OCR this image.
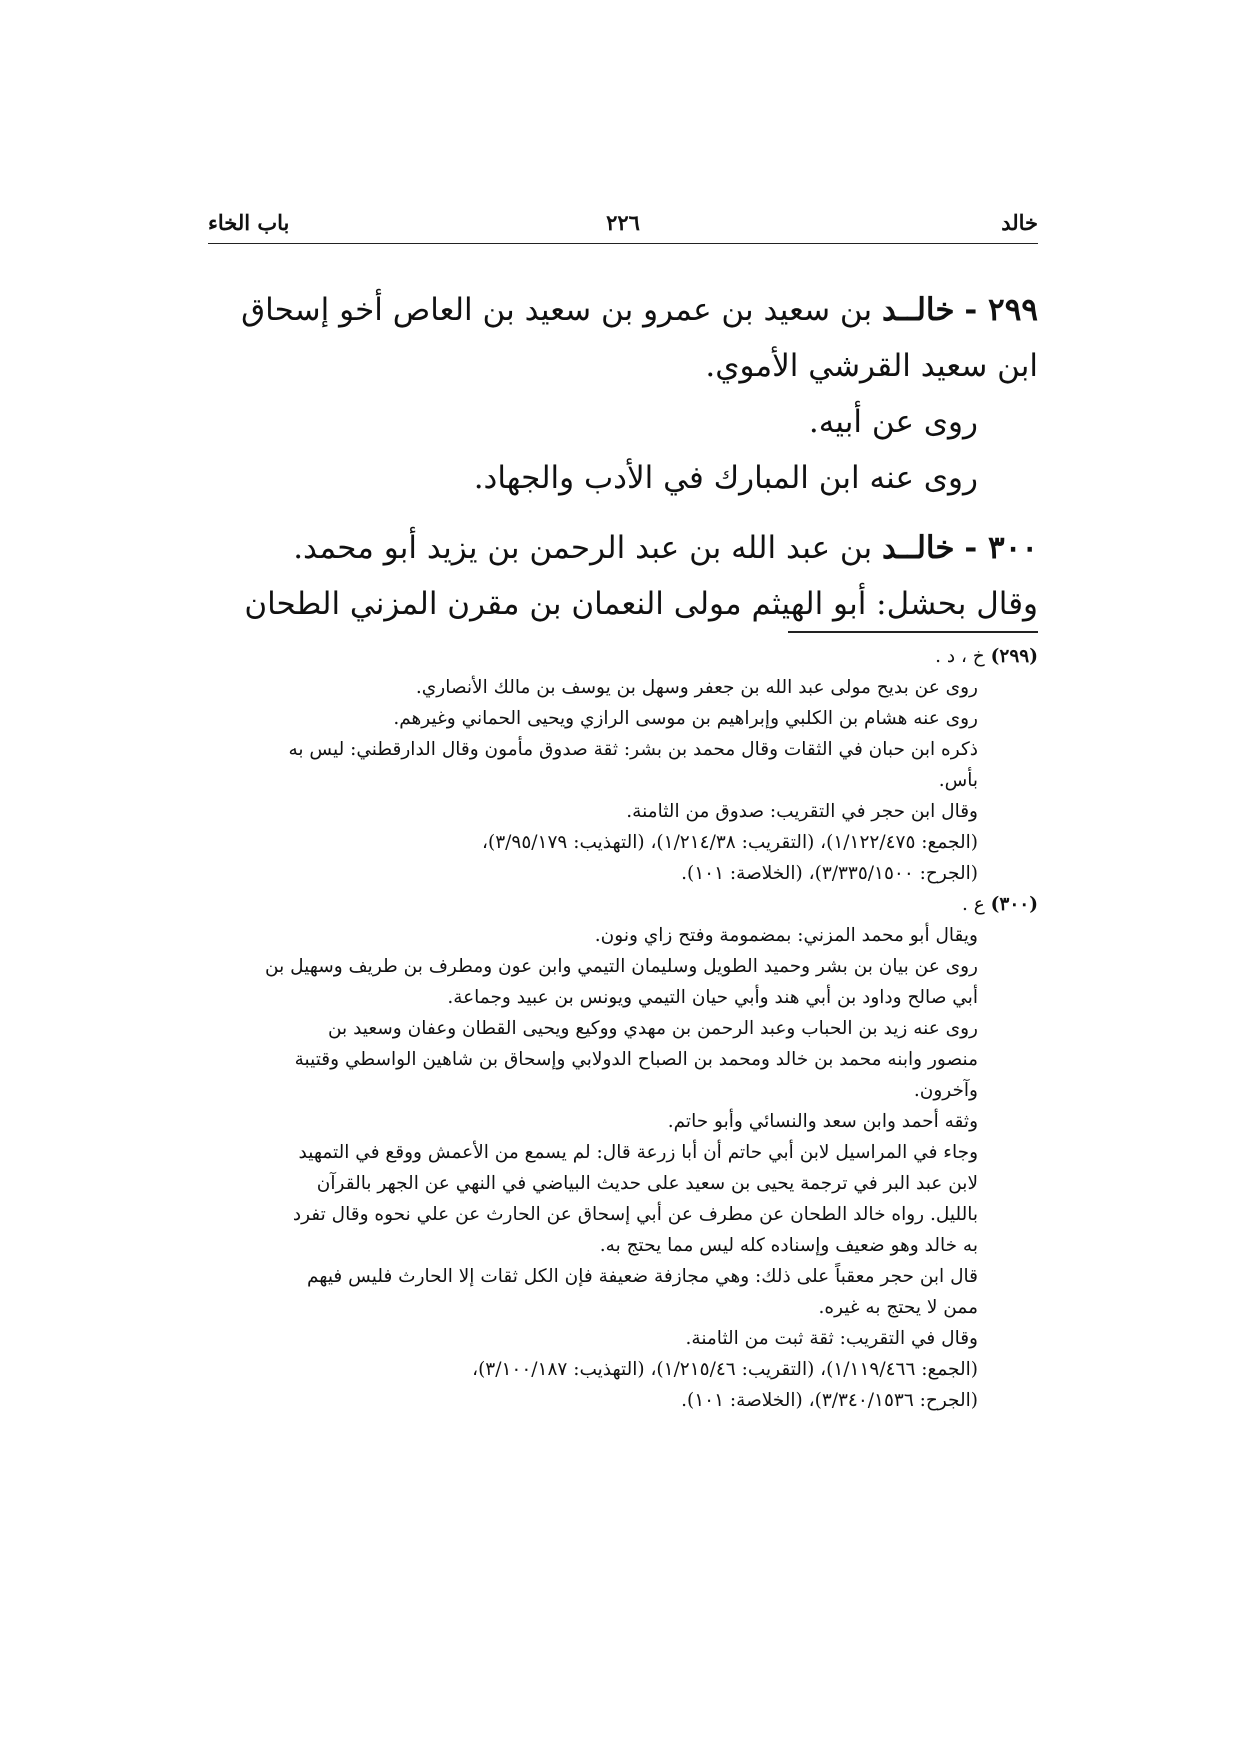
خالد
٢٢٦
باب الخاء
٢٩٩ - خالــد بن سعيد بن عمرو بن سعيد بن العاص أخو إسحاق
ابن سعيد القرشي الأموي.
روى عن أبيه.
روى عنه ابن المبارك في الأدب والجهاد.
٣٠٠ - خالــد بن عبد الله بن عبد الرحمن بن يزيد أبو محمد.
وقال بحشل: أبو الهيثم مولى النعمان بن مقرن المزني الطحان
(٢٩٩) خ ، د .
روى عن بديح مولى عبد الله بن جعفر وسهل بن يوسف بن مالك الأنصاري.
روى عنه هشام بن الكلبي وإبراهيم بن موسى الرازي ويحيى الحماني وغيرهم.
ذكره ابن حبان في الثقات وقال محمد بن بشر: ثقة صدوق مأمون وقال الدارقطني: ليس به
بأس.
وقال ابن حجر في التقريب: صدوق من الثامنة.
(الجمع: ١/١٢٢/٤٧٥)، (التقريب: ١/٢١٤/٣٨)، (التهذيب: ٣/٩٥/١٧٩)،
(الجرح: ٣/٣٣٥/١٥٠٠)، (الخلاصة: ١٠١).
(٣٠٠) ع .
ويقال أبو محمد المزني: بمضمومة وفتح زاي ونون.
روى عن بيان بن بشر وحميد الطويل وسليمان التيمي وابن عون ومطرف بن طريف وسهيل بن
أبي صالح وداود بن أبي هند وأبي حيان التيمي ويونس بن عبيد وجماعة.
روى عنه زيد بن الحباب وعبد الرحمن بن مهدي ووكيع ويحيى القطان وعفان وسعيد بن
منصور وابنه محمد بن خالد ومحمد بن الصباح الدولابي وإسحاق بن شاهين الواسطي وقتيبة
وآخرون.
وثقه أحمد وابن سعد والنسائي وأبو حاتم.
وجاء في المراسيل لابن أبي حاتم أن أبا زرعة قال: لم يسمع من الأعمش ووقع في التمهيد
لابن عبد البر في ترجمة يحيى بن سعيد على حديث البياضي في النهي عن الجهر بالقرآن
بالليل. رواه خالد الطحان عن مطرف عن أبي إسحاق عن الحارث عن علي نحوه وقال تفرد
به خالد وهو ضعيف وإسناده كله ليس مما يحتج به.
قال ابن حجر معقباً على ذلك: وهي مجازفة ضعيفة فإن الكل ثقات إلا الحارث فليس فيهم
ممن لا يحتج به غيره.
وقال في التقريب: ثقة ثبت من الثامنة.
(الجمع: ١/١١٩/٤٦٦)، (التقريب: ١/٢١٥/٤٦)، (التهذيب: ٣/١٠٠/١٨٧)،
(الجرح: ٣/٣٤٠/١٥٣٦)، (الخلاصة: ١٠١).
